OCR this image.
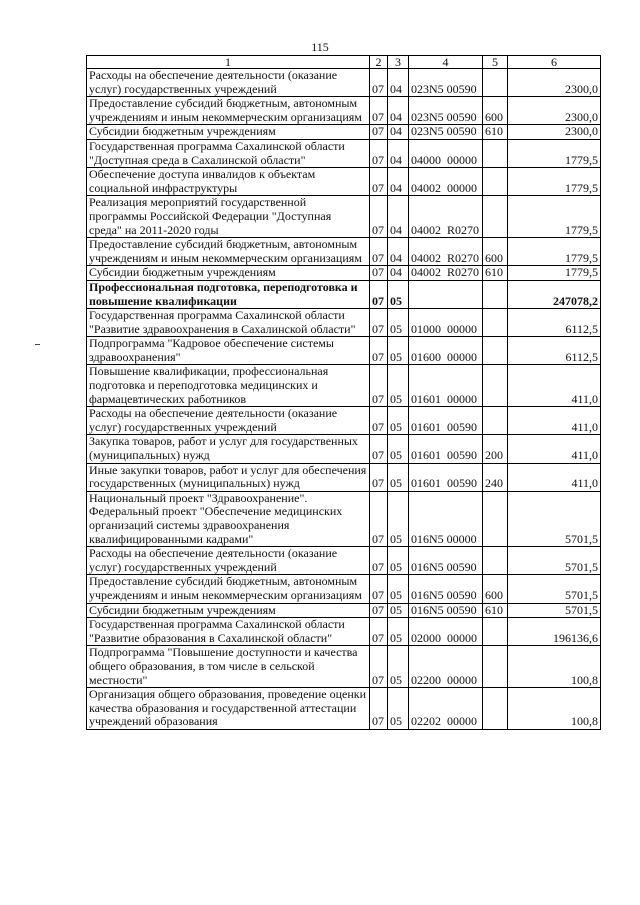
115
1	2	3	4	5	6
Расходы на обеспечение деятельности (оказание услуг) государственных учреждений	07	04	023N5 00590		2300,0
Предоставление субсидий бюджетным, автономным учреждениям и иным некоммерческим организациям	07	04	023N5 00590	600	2300,0
Субсидии бюджетным учреждениям	07	04	023N5 00590	610	2300,0
Государственная программа Сахалинской области "Доступная среда в Сахалинской области"	07	04	04000  00000		1779,5
Обеспечение доступа инвалидов к объектам социальной инфраструктуры	07	04	04002  00000		1779,5
Реализация мероприятий государственной программы Российской Федерации "Доступная среда" на 2011-2020 годы	07	04	04002  R0270		1779,5
Предоставление субсидий бюджетным, автономным учреждениям и иным некоммерческим организациям	07	04	04002  R0270	600	1779,5
Субсидии бюджетным учреждениям	07	04	04002  R0270	610	1779,5
Профессиональная подготовка, переподготовка и повышение квалификации	07	05			247078,2
Государственная программа Сахалинской области "Развитие здравоохранения в Сахалинской области"	07	05	01000  00000		6112,5
Подпрограмма "Кадровое обеспечение системы здравоохранения"	07	05	01600  00000		6112,5
Повышение квалификации, профессиональная подготовка и переподготовка медицинских и фармацевтических работников	07	05	01601  00000		411,0
Расходы на обеспечение деятельности (оказание услуг) государственных учреждений	07	05	01601  00590		411,0
Закупка товаров, работ и услуг для государственных (муниципальных) нужд	07	05	01601  00590	200	411,0
Иные закупки товаров, работ и услуг для обеспечения государственных (муниципальных) нужд	07	05	01601  00590	240	411,0
Национальный проект "Здравоохранение". Федеральный проект "Обеспечение медицинских организаций системы здравоохранения квалифицированными кадрами"	07	05	016N5 00000		5701,5
Расходы на обеспечение деятельности (оказание услуг) государственных учреждений	07	05	016N5 00590		5701,5
Предоставление субсидий бюджетным, автономным учреждениям и иным некоммерческим организациям	07	05	016N5 00590	600	5701,5
Субсидии бюджетным учреждениям	07	05	016N5 00590	610	5701,5
Государственная программа Сахалинской области "Развитие образования в Сахалинской области"	07	05	02000  00000		196136,6
Подпрограмма "Повышение доступности и качества общего образования, в том числе в сельской местности"	07	05	02200  00000		100,8
Организация общего образования, проведение оценки качества образования и государственной аттестации учреждений образования	07	05	02202  00000		100,8
